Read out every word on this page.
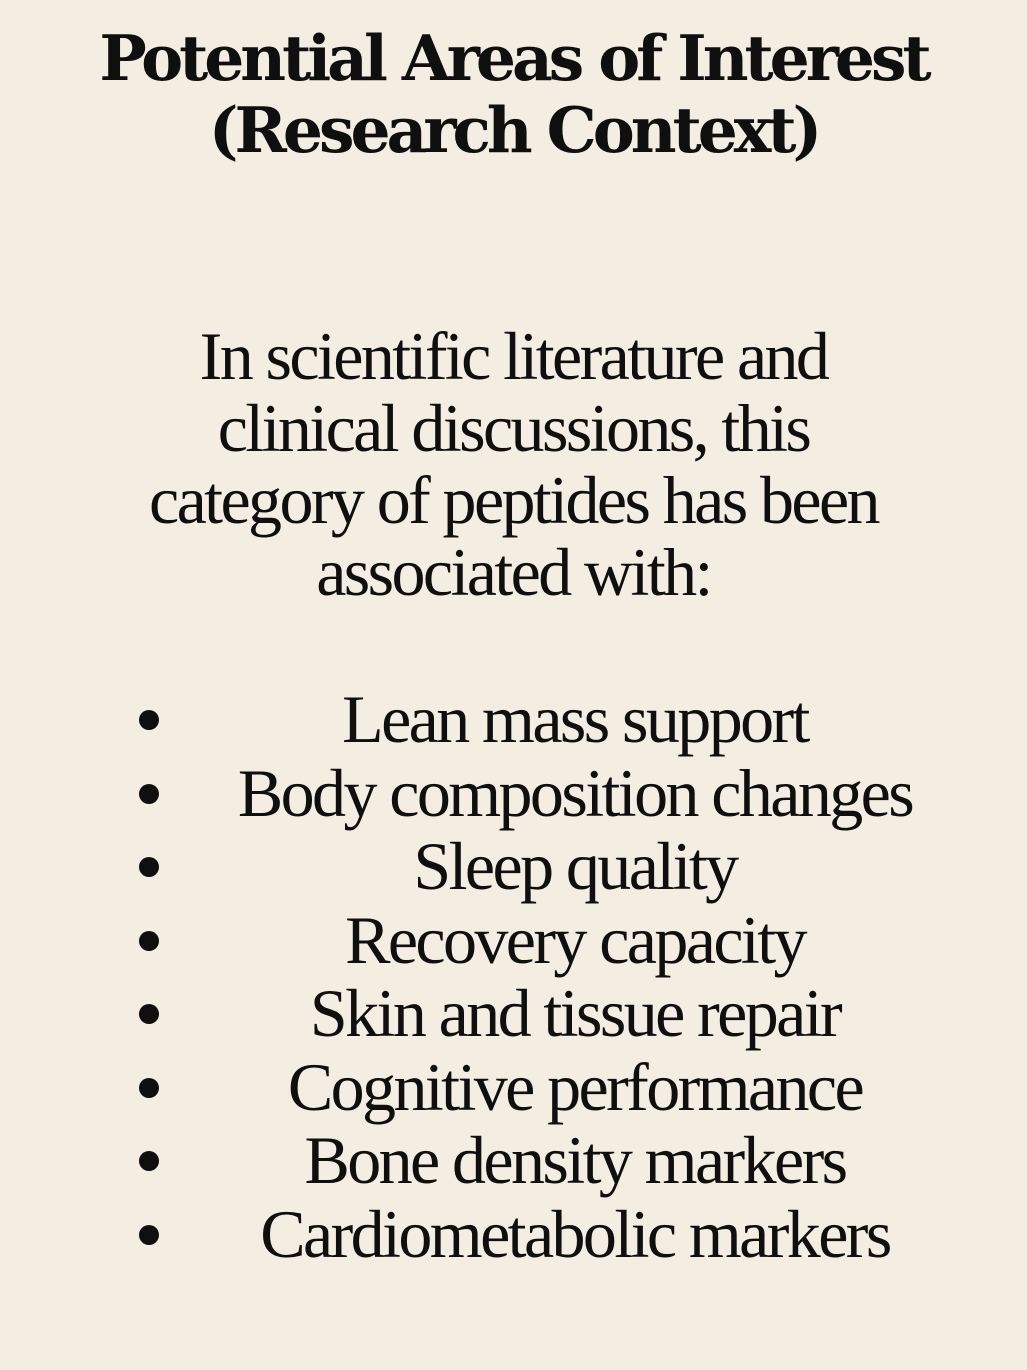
Potential Areas of Interest
(Research Context)

In scientific literature and
clinical discussions, this
category of peptides has been
associated with:

Lean mass support
Body composition changes
Sleep quality
Recovery capacity
Skin and tissue repair
Cognitive performance
Bone density markers
Cardiometabolic markers
